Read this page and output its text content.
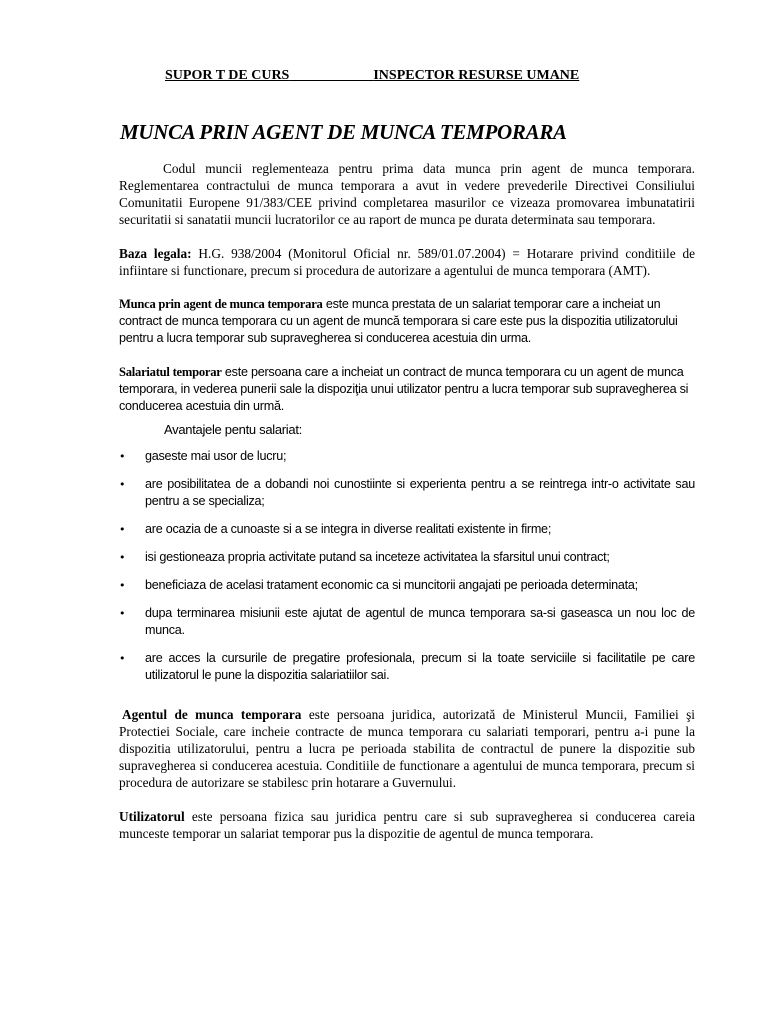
SUPOR T DE CURS	INSPECTOR RESURSE UMANE
MUNCA PRIN AGENT DE MUNCA TEMPORARA

Codul muncii reglementeaza pentru prima data munca prin agent de munca temporara. Reglementarea contractului de munca temporara a avut in vedere prevederile Directivei Consiliului Comunitatii Europene 91/383/CEE privind completarea masurilor ce vizeaza promovarea imbunatatirii securitatii si sanatatii muncii lucratorilor ce au raport de munca pe durata determinata sau temporara.

Baza legala: H.G. 938/2004 (Monitorul Oficial nr. 589/01.07.2004) = Hotarare privind conditiile de infiintare si functionare, precum si procedura de autorizare a agentului de munca temporara (AMT).

Munca prin agent de munca temporara este munca prestata de un salariat temporar care a incheiat un contract de munca temporara cu un agent de muncă temporara si care este pus la dispozitia utilizatorului pentru a lucra temporar sub supravegherea si conducerea acestuia din urma.

Salariatul temporar este persoana care a incheiat un contract de munca temporara cu un agent de munca temporara, in vederea punerii sale la dispoziţia unui utilizator pentru a lucra temporar sub supravegherea si conducerea acestuia din urmă.

Avantajele pentu salariat:

• gaseste mai usor de lucru;

• are posibilitatea de a dobandi noi cunostiinte si experienta pentru a se reintrega intr-o activitate sau pentru a se specializa;

• are ocazia de a cunoaste si a se integra in diverse realitati existente in firme;

• isi gestioneaza propria activitate putand sa inceteze activitatea la sfarsitul unui contract;

• beneficiaza de acelasi tratament economic ca si muncitorii angajati pe perioada determinata;

• dupa terminarea misiunii este ajutat de agentul de munca temporara sa-si gaseasca un nou loc de munca.

• are acces la cursurile de pregatire profesionala, precum si la toate serviciile si facilitatile pe care utilizatorul le pune la dispozitia salariatiilor sai.

Agentul de munca temporara este persoana juridica, autorizată de Ministerul Muncii, Familiei şi Protectiei Sociale, care incheie contracte de munca temporara cu salariati temporari, pentru a-i pune la dispozitia utilizatorului, pentru a lucra pe perioada stabilita de contractul de punere la dispozitie sub supravegherea si conducerea acestuia. Conditiile de functionare a agentului de munca temporara, precum si procedura de autorizare se stabilesc prin hotarare a Guvernului.

Utilizatorul este persoana fizica sau juridica pentru care si sub supravegherea si conducerea careia munceste temporar un salariat temporar pus la dispozitie de agentul de munca temporara.
